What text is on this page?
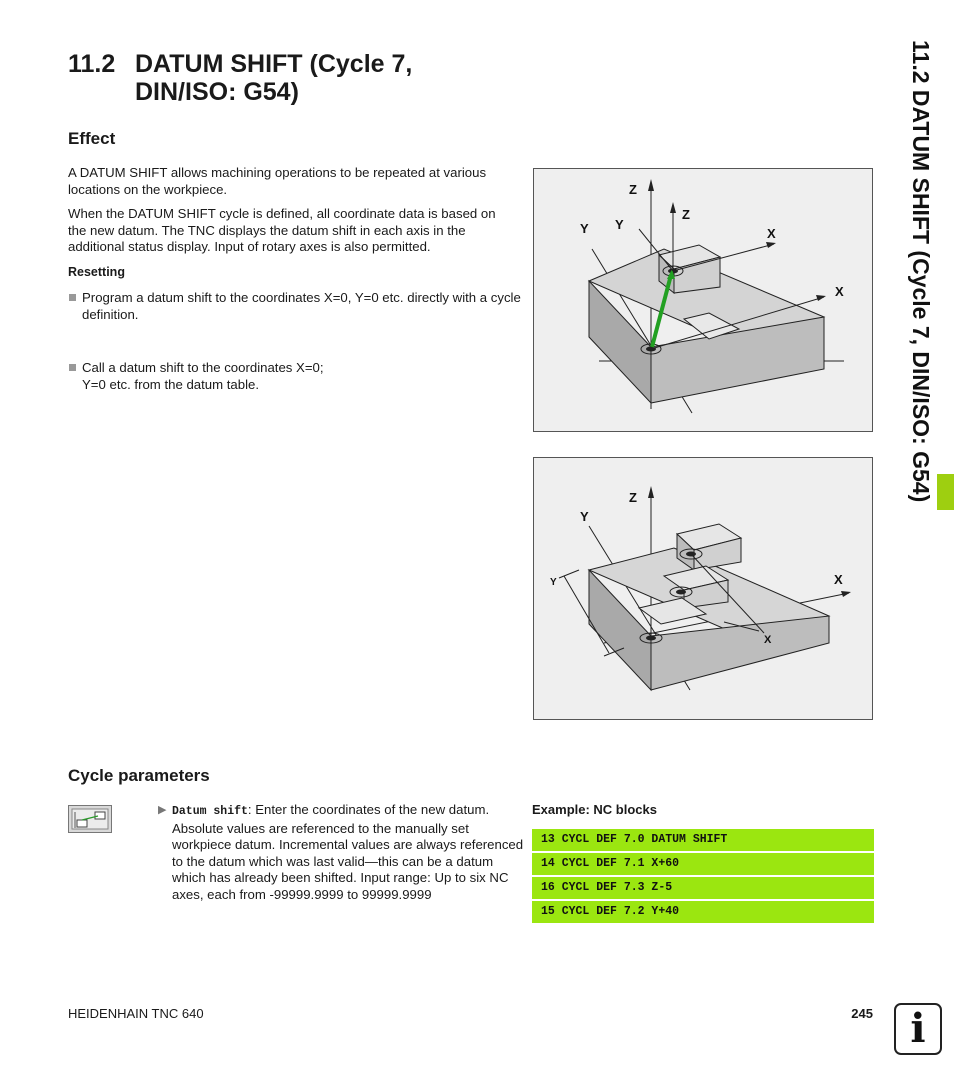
11.2 DATUM SHIFT (Cycle 7,
DIN/ISO: G54)	11.2 DATUM SHIFT (Cycle 7, DIN/ISO: G54)
Effect
A DATUM SHIFT allows machining operations to be repeated at various locations on the workpiece.
When the DATUM SHIFT cycle is defined, all coordinate data is based on the new datum. The TNC displays the datum shift in each axis in the additional status display. Input of rotary axes is also permitted.
Resetting
Program a datum shift to the coordinates X=0, Y=0 etc. directly with a cycle definition.
Call a datum shift to the coordinates X=0; Y=0 etc. from the datum table.
Z
Y Y
Z
X
X
Z
Y
Y	X
X
Cycle parameters
▶ Datum shift: Enter the coordinates of the new datum. Absolute values are referenced to the manually set workpiece datum. Incremental values are always referenced to the datum which was last valid—this can be a datum which has already been shifted. Input range: Up to six NC axes, each from -99999.9999 to 99999.9999
Example: NC blocks
13 CYCL DEF 7.0 DATUM SHIFT
14 CYCL DEF 7.1 X+60
16 CYCL DEF 7.3 Z-5
15 CYCL DEF 7.2 Y+40
HEIDENHAIN TNC 640	245 i
